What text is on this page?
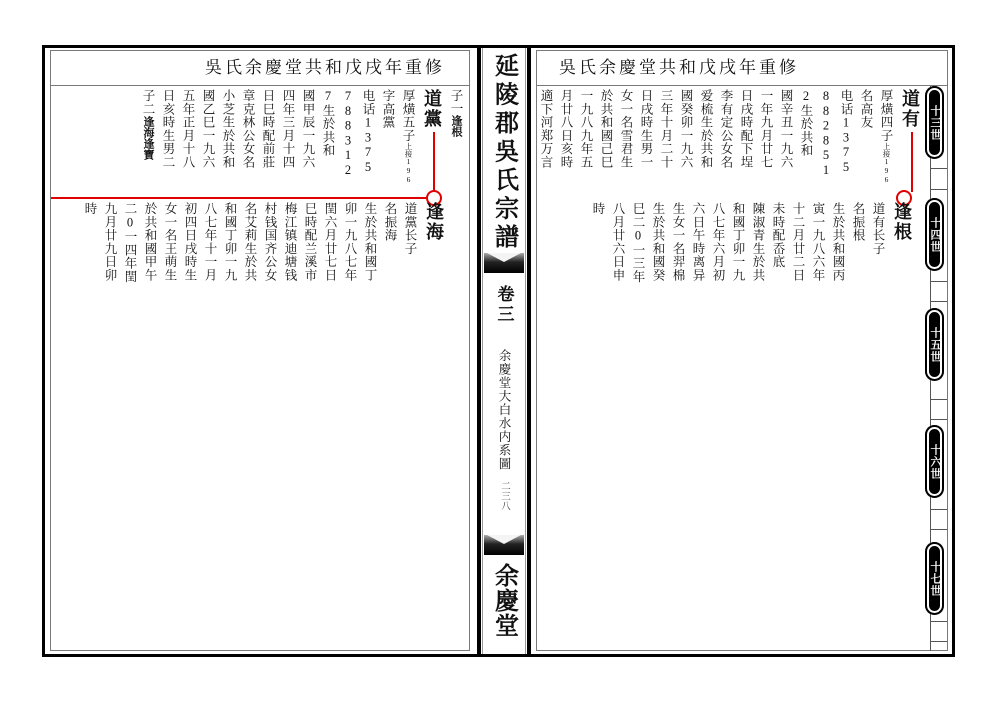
延陵郡吳氏宗譜
卷三
余慶堂大白水内系圖
二三八
余慶堂
吳氏余慶堂共和戊戌年重修
子一逢根
道黨
厚熿五子上接196
字高黨
电话1375
788312
7生於共和
國甲辰一九六
四年三月十四
日巳時配前莊
章克林公女名
小芝生於共和
國乙巳一九六
五年正月十八
日亥時生男二
子二逢海逢寶
逢海
道黨长子
名振海
生於共和國丁
卯一九八七年
閏六月廿七日
巳時配兰溪市
梅江镇迪塘钱
村钱国齐公女
名艾莉生於共
和國丁卯一九
八七年十一月
初四日戌時生
女一名王萌生
於共和國甲午
二0一四年閏
九月廿九日卯
時
吳氏余慶堂共和戊戌年重修
道有
厚熿四子上接196
名高友
电话1375
882851
2生於共和
國辛丑一九六
一年九月廿七
日戌時配下埕
李有定公女名
爱梳生於共和
國癸卯一九六
三年十月二十
日戌時生男一
女一名雪君生
於共和國己巳
一九八九年五
月廿八日亥時
適下河郑万言
逢根
道有长子
名振根
生於共和國丙
寅一九八六年
十二月廿二日
未時配岙底
陳淑青生於共
和國丁卯一九
八七年六月初
六日午時离异
生女一名羿棉
生於共和國癸
巳二0一三年
八月廿六日申
時
十三世
十四世
十五世
十六世
十七世
